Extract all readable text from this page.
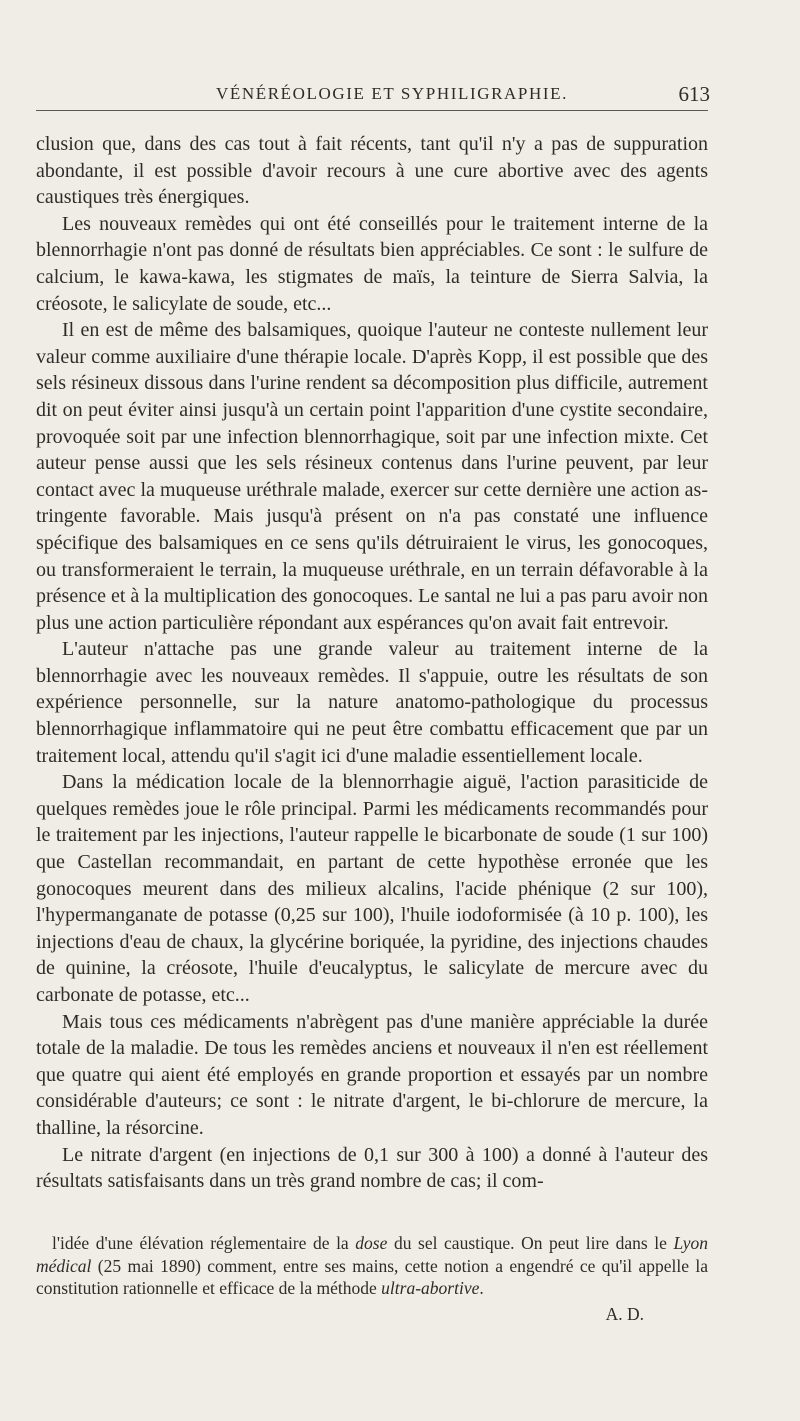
VÉNÉRÉOLOGIE ET SYPHILIGRAPHIE.	613

clusion que, dans des cas tout à fait récents, tant qu'il n'y a pas de suppuration abondante, il est possible d'avoir recours à une cure abortive avec des agents caustiques très énergiques.

Les nouveaux remèdes qui ont été conseillés pour le traitement interne de la blennorrhagie n'ont pas donné de résultats bien appréciables. Ce sont : le sulfure de calcium, le kawa-kawa, les stigmates de maïs, la teinture de Sierra Salvia, la créosote, le salicylate de soude, etc...

Il en est de même des balsamiques, quoique l'auteur ne conteste nullement leur valeur comme auxiliaire d'une thérapie locale. D'après Kopp, il est possible que des sels résineux dissous dans l'urine rendent sa décomposition plus difficile, autrement dit on peut éviter ainsi jusqu'à un certain point l'apparition d'une cystite secondaire, provoquée soit par une infection blennorrhagique, soit par une infection mixte. Cet auteur pense aussi que les sels résineux contenus dans l'urine peuvent, par leur contact avec la muqueuse uréthrale malade, exercer sur cette dernière une action astringente favorable. Mais jusqu'à présent on n'a pas constaté une influence spécifique des balsamiques en ce sens qu'ils détruiraient le virus, les gonocoques, ou transformeraient le terrain, la muqueuse uréthrale, en un terrain défavorable à la présence et à la multiplication des gonocoques. Le santal ne lui a pas paru avoir non plus une action particulière répondant aux espérances qu'on avait fait entrevoir.

L'auteur n'attache pas une grande valeur au traitement interne de la blennorrhagie avec les nouveaux remèdes. Il s'appuie, outre les résultats de son expérience personnelle, sur la nature anatomo-pathologique du processus blennorrhagique inflammatoire qui ne peut être combattu efficacement que par un traitement local, attendu qu'il s'agit ici d'une maladie essentiellement locale.

Dans la médication locale de la blennorrhagie aiguë, l'action parasiticide de quelques remèdes joue le rôle principal. Parmi les médicaments recommandés pour le traitement par les injections, l'auteur rappelle le bicarbonate de soude (1 sur 100) que Castellan recommandait, en partant de cette hypothèse erronée que les gonocoques meurent dans des milieux alcalins, l'acide phénique (2 sur 100), l'hypermanganate de potasse (0,25 sur 100), l'huile iodoformisée (à 10 p. 100), les injections d'eau de chaux, la glycérine boriquée, la pyridine, des injections chaudes de quinine, la créosote, l'huile d'eucalyptus, le salicylate de mercure avec du carbonate de potasse, etc...

Mais tous ces médicaments n'abrègent pas d'une manière appréciable la durée totale de la maladie. De tous les remèdes anciens et nouveaux il n'en est réellement que quatre qui aient été employés en grande proportion et essayés par un nombre considérable d'auteurs; ce sont : le nitrate d'argent, le bi-chlorure de mercure, la thalline, la résorcine.

Le nitrate d'argent (en injections de 0,1 sur 300 à 100) a donné à l'auteur des résultats satisfaisants dans un très grand nombre de cas; il com-

l'idée d'une élévation réglementaire de la dose du sel caustique. On peut lire dans le Lyon médical (25 mai 1890) comment, entre ses mains, cette notion a engendré ce qu'il appelle la constitution rationnelle et efficace de la méthode ultra-abortive.

A. D.
